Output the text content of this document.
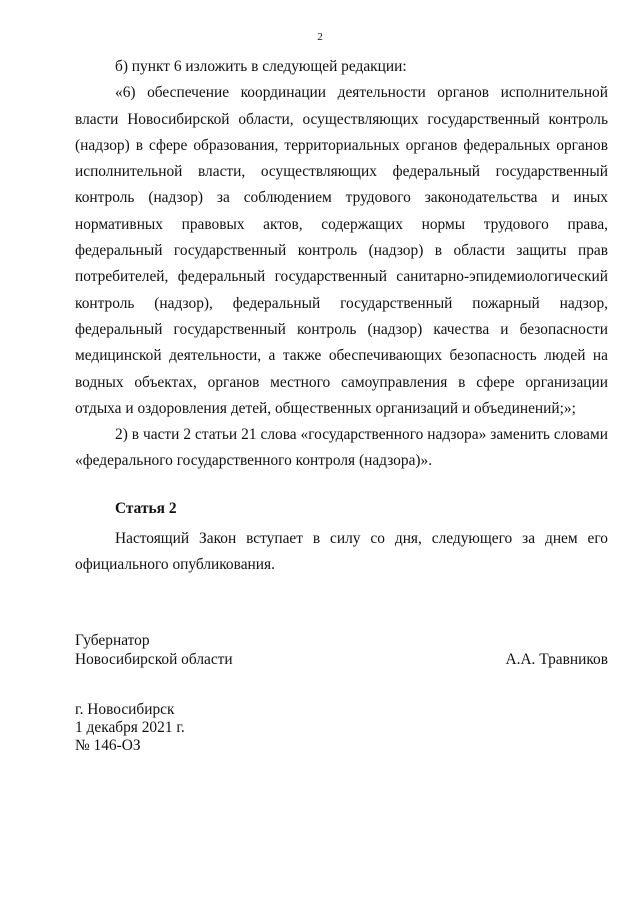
2

б) пункт 6 изложить в следующей редакции:

«6) обеспечение координации деятельности органов исполнительной власти Новосибирской области, осуществляющих государственный контроль (надзор) в сфере образования, территориальных органов федеральных органов исполнительной власти, осуществляющих федеральный государственный контроль (надзор) за соблюдением трудового законодательства и иных нормативных правовых актов, содержащих нормы трудового права, федеральный государственный контроль (надзор) в области защиты прав потребителей, федеральный государственный санитарно-эпидемиологический контроль (надзор), федеральный государственный пожарный надзор, федеральный государственный контроль (надзор) качества и безопасности медицинской деятельности, а также обеспечивающих безопасность людей на водных объектах, органов местного самоуправления в сфере организации отдыха и оздоровления детей, общественных организаций и объединений;»;

2) в части 2 статьи 21 слова «государственного надзора» заменить словами «федерального государственного контроля (надзора)».

Статья 2

Настоящий Закон вступает в силу со дня, следующего за днем его официального опубликования.

Губернатор
Новосибирской области	А.А. Травников
г. Новосибирск
1 декабря 2021 г.
№ 146-ОЗ
